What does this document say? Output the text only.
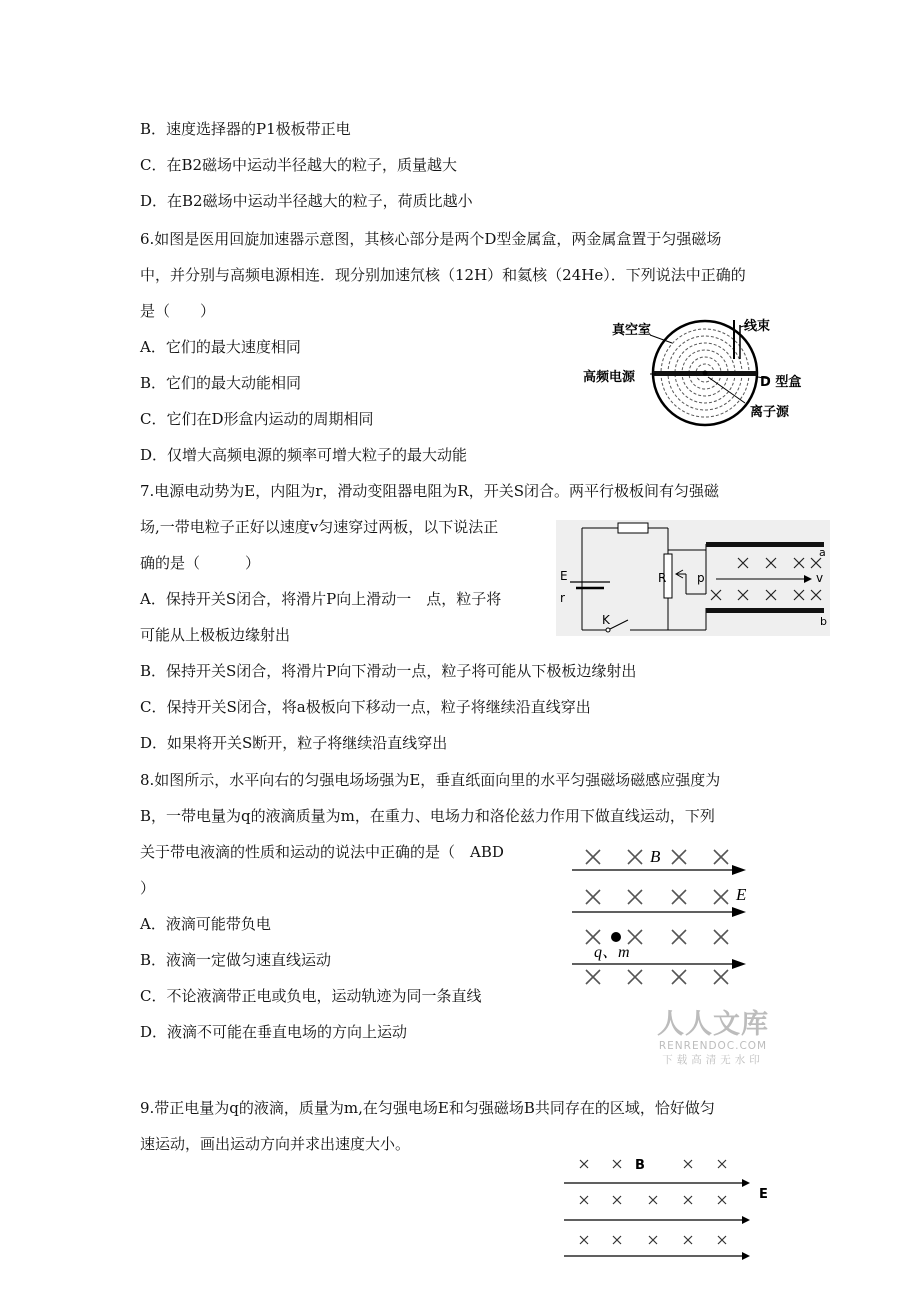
B．速度选择器的P1极板带正电
C．在B2磁场中运动半径越大的粒子，质量越大
D．在B2磁场中运动半径越大的粒子，荷质比越小
6.如图是医用回旋加速器示意图，其核心部分是两个D型金属盒，两金属盒置于匀强磁场
中，并分别与高频电源相连．现分别加速氘核（12H）和氦核（24He）．下列说法中正确的
是（　　）
A．它们的最大速度相同
B．它们的最大动能相同
C．它们在D形盒内运动的周期相同
D．仅增大高频电源的频率可增大粒子的最大动能
真空室	线束
高频电源	D 型盒
离子源
7.电源电动势为E，内阻为r，滑动变阻器电阻为R，开关S闭合。两平行极板间有匀强磁
场,一带电粒子正好以速度v匀速穿过两板，以下说法正
确的是（　　　）
A．保持开关S闭合，将滑片P向上滑动一　点，粒子将
可能从上极板边缘射出
B．保持开关S闭合，将滑片P向下滑动一点，粒子将可能从下极板边缘射出
C．保持开关S闭合，将a极板向下移动一点，粒子将继续沿直线穿出
D．如果将开关S断开，粒子将继续沿直线穿出
E
r
R	p	v
a
b
K
8.如图所示，水平向右的匀强电场场强为E，垂直纸面向里的水平匀强磁场磁感应强度为
B，一带电量为q的液滴质量为m，在重力、电场力和洛伦兹力作用下做直线运动，下列
关于带电液滴的性质和运动的说法中正确的是（　ABD
）
A．液滴可能带负电
B．液滴一定做匀速直线运动
C．不论液滴带正电或负电，运动轨迹为同一条直线
D．液滴不可能在垂直电场的方向上运动
B
E
q、m
人人文库
RENRENDOC.COM
下载高清无水印
9.带正电量为q的液滴，质量为m,在匀强电场E和匀强磁场B共同存在的区域，恰好做匀
速运动，画出运动方向并求出速度大小。
B
E
